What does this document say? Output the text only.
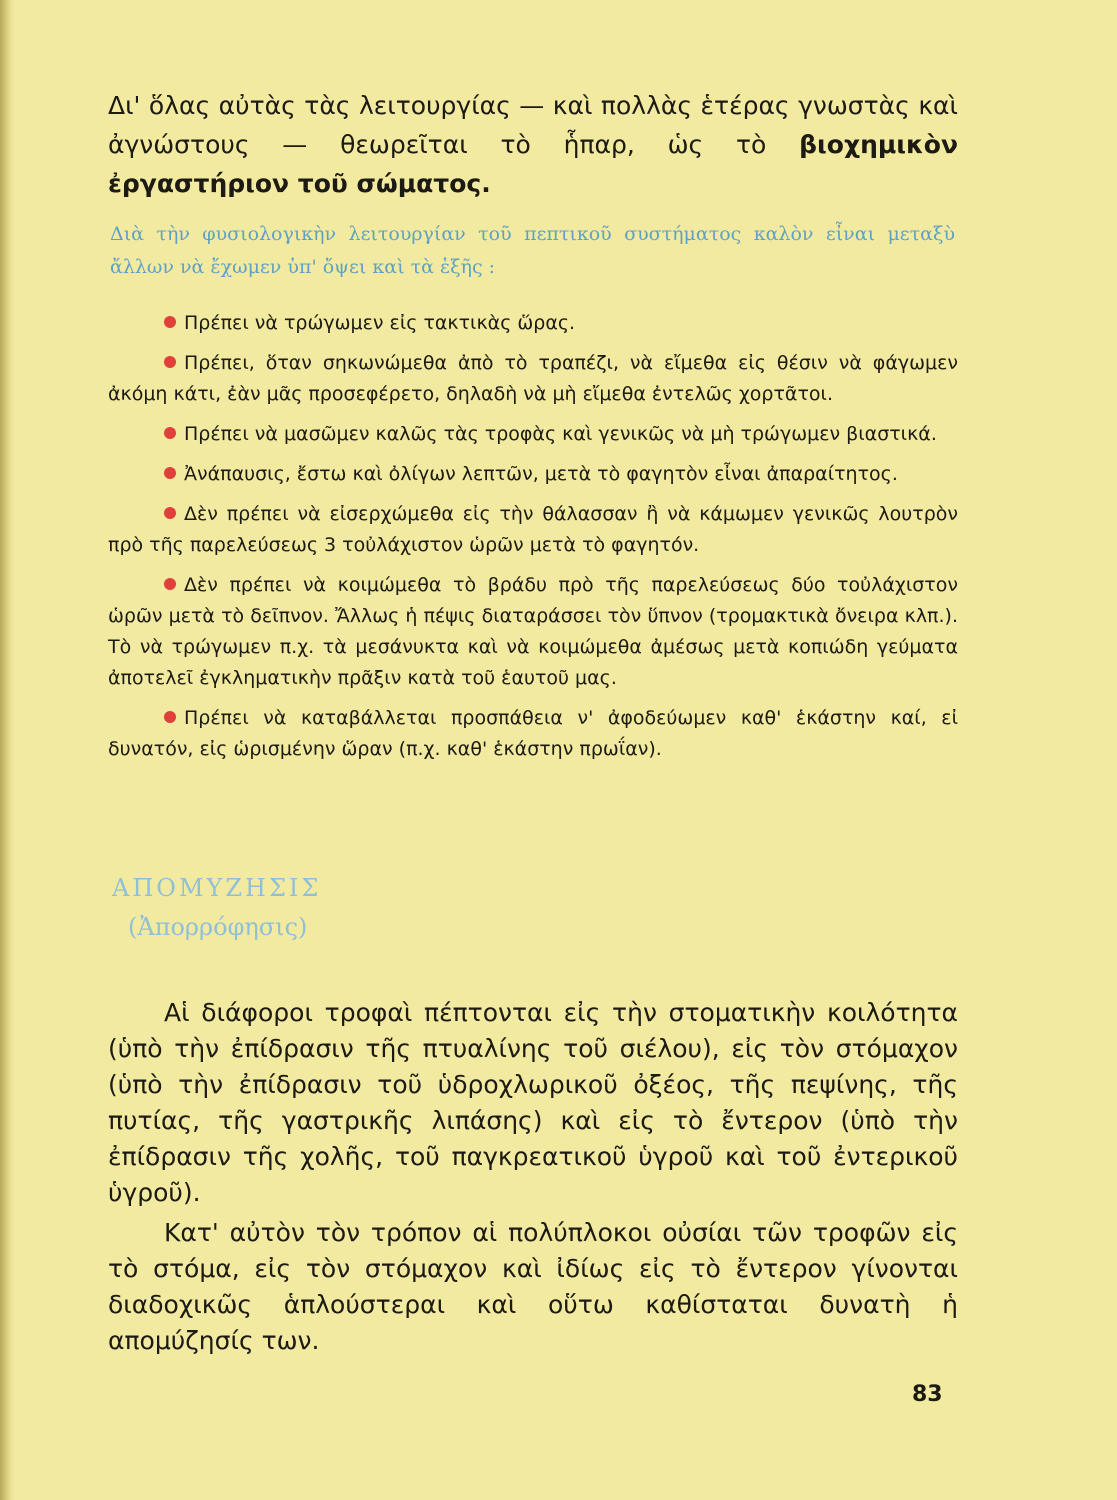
Δι' ὅλας αὐτὰς τὰς λειτουργίας — καὶ πολλὰς ἑτέρας γνωστὰς καὶ ἀγνώστους — θεωρεῖται τὸ ἧπαρ, ὡς τὸ βιοχημικὸν ἐργαστήριον τοῦ σώματος.
Διὰ τὴν φυσιολογικὴν λειτουργίαν τοῦ πεπτικοῦ συστήματος καλὸν εἶναι μεταξὺ ἄλλων νὰ ἔχωμεν ὑπ' ὄψει καὶ τὰ ἑξῆς :
Πρέπει νὰ τρώγωμεν εἰς τακτικὰς ὥρας.
Πρέπει, ὅταν σηκωνώμεθα ἀπὸ τὸ τραπέζι, νὰ εἴμεθα εἰς θέσιν νὰ φάγωμεν ἀκόμη κάτι, ἐὰν μᾶς προσεφέρετο, δηλαδὴ νὰ μὴ εἴμεθα ἐντελῶς χορτᾶτοι.
Πρέπει νὰ μασῶμεν καλῶς τὰς τροφὰς καὶ γενικῶς νὰ μὴ τρώγωμεν βιαστικά.
Ἀνάπαυσις, ἔστω καὶ ὀλίγων λεπτῶν, μετὰ τὸ φαγητὸν εἶναι ἀπαραίτητος.
Δὲν πρέπει νὰ εἰσερχώμεθα εἰς τὴν θάλασσαν ἢ νὰ κάμωμεν γενικῶς λουτρὸν πρὸ τῆς παρελεύσεως 3 τοὐλάχιστον ὡρῶν μετὰ τὸ φαγητόν.
Δὲν πρέπει νὰ κοιμώμεθα τὸ βράδυ πρὸ τῆς παρελεύσεως δύο τοὐλάχιστον ὡρῶν μετὰ τὸ δεῖπνον. Ἄλλως ἡ πέψις διαταράσσει τὸν ὕπνον (τρομακτικὰ ὄνειρα κλπ.). Τὸ νὰ τρώγωμεν π.χ. τὰ μεσάνυκτα καὶ νὰ κοιμώμεθα ἀμέσως μετὰ κοπιώδη γεύματα ἀποτελεῖ ἐγκληματικὴν πρᾶξιν κατὰ τοῦ ἑαυτοῦ μας.
Πρέπει νὰ καταβάλλεται προσπάθεια ν' ἀφοδεύωμεν καθ' ἑκάστην καί, εἰ δυνατόν, εἰς ὡρισμένην ὥραν (π.χ. καθ' ἑκάστην πρωΐαν).
ΑΠΟΜΥΖΗΣΙΣ
(Ἀπορρόφησις)

Αἱ διάφοροι τροφαὶ πέπτονται εἰς τὴν στοματικὴν κοιλότητα (ὑπὸ τὴν ἐπίδρασιν τῆς πτυαλίνης τοῦ σιέλου), εἰς τὸν στόμαχον (ὑπὸ τὴν ἐπίδρασιν τοῦ ὑδροχλωρικοῦ ὀξέος, τῆς πεψίνης, τῆς πυτίας, τῆς γαστρικῆς λιπάσης) καὶ εἰς τὸ ἔντερον (ὑπὸ τὴν ἐπίδρασιν τῆς χολῆς, τοῦ παγκρεατικοῦ ὑγροῦ καὶ τοῦ ἐντερικοῦ ὑγροῦ).

Κατ' αὐτὸν τὸν τρόπον αἱ πολύπλοκοι οὐσίαι τῶν τροφῶν εἰς τὸ στόμα, εἰς τὸν στόμαχον καὶ ἰδίως εἰς τὸ ἔντερον γίνονται διαδοχικῶς ἁπλούστεραι καὶ οὕτω καθίσταται δυνατὴ ἡ απομύζησίς των.

83
